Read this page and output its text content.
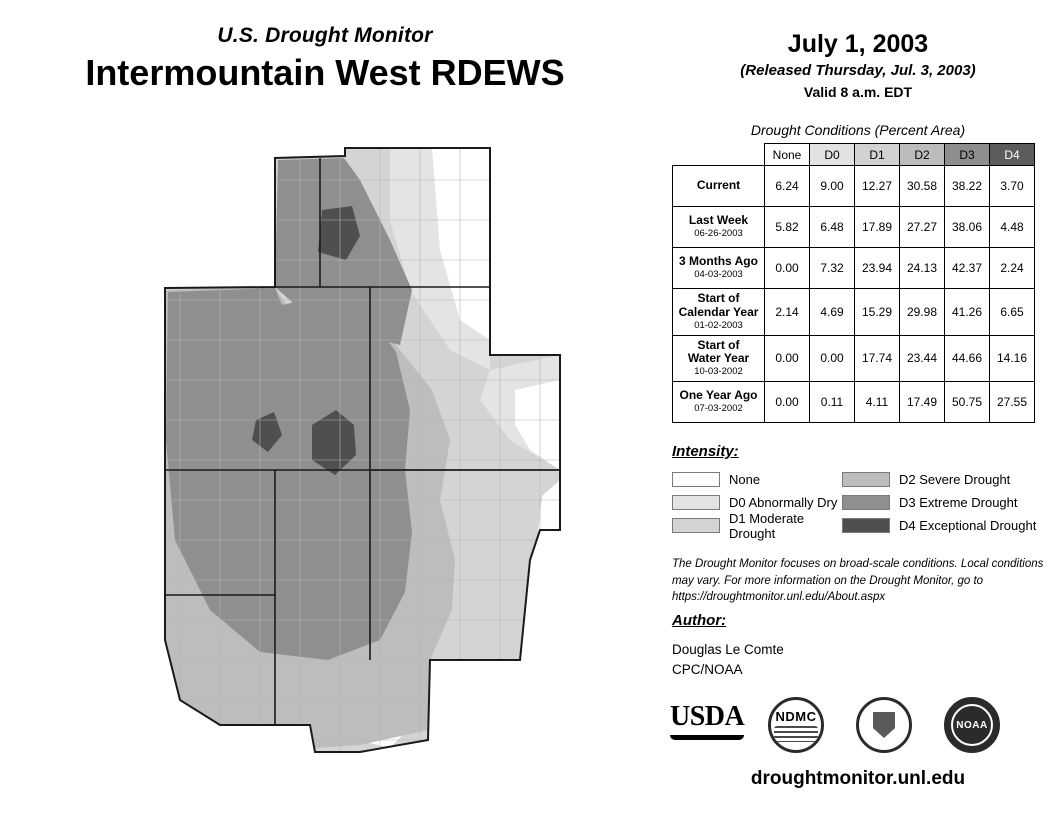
U.S. Drought Monitor
Intermountain West RDEWS
July 1, 2003
(Released Thursday, Jul. 3, 2003)
Valid 8 a.m. EDT
Drought Conditions (Percent Area)
	None	D0	D1	D2	D3	D4
Current	6.24	9.00	12.27	30.58	38.22	3.70
Last Week
06-26-2003	5.82	6.48	17.89	27.27	38.06	4.48
3 Months Ago
04-03-2003	0.00	7.32	23.94	24.13	42.37	2.24
Start of
Calendar Year
01-02-2003	2.14	4.69	15.29	29.98	41.26	6.65
Start of
Water Year
10-03-2002	0.00	0.00	17.74	23.44	44.66	14.16
One Year Ago
07-03-2002	0.00	0.11	4.11	17.49	50.75	27.55
Intensity:
None	D2 Severe Drought
D0 Abnormally Dry	D3 Extreme Drought
D1 Moderate Drought	D4 Exceptional Drought
The Drought Monitor focuses on broad-scale conditions. Local conditions may vary. For more information on the Drought Monitor, go to https://droughtmonitor.unl.edu/About.aspx
Author:
Douglas Le Comte
CPC/NOAA
USDA NDMC
NOAA
droughtmonitor.unl.edu
